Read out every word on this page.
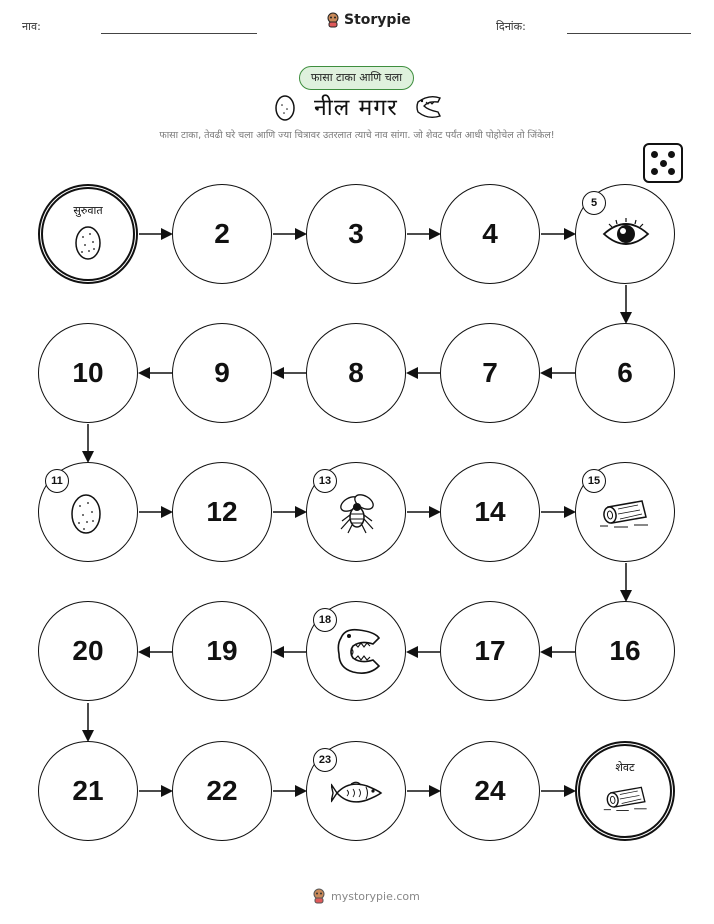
नाव:	Storypie	दिनांक:
फासा टाका आणि चला
नील मगर
फासा टाका, तेवढी घरे चला आणि ज्या चित्रावर उतरलात त्याचे नाव सांगा. जो शेवट पर्यंत आधी पोहोचेल तो जिंकेल!
सुरुवात
2	3	4
5
10	9	8	7	6
11
12
13
14
15
20	19
18
17	16
21	22
23
24
शेवट
mystorypie.com
